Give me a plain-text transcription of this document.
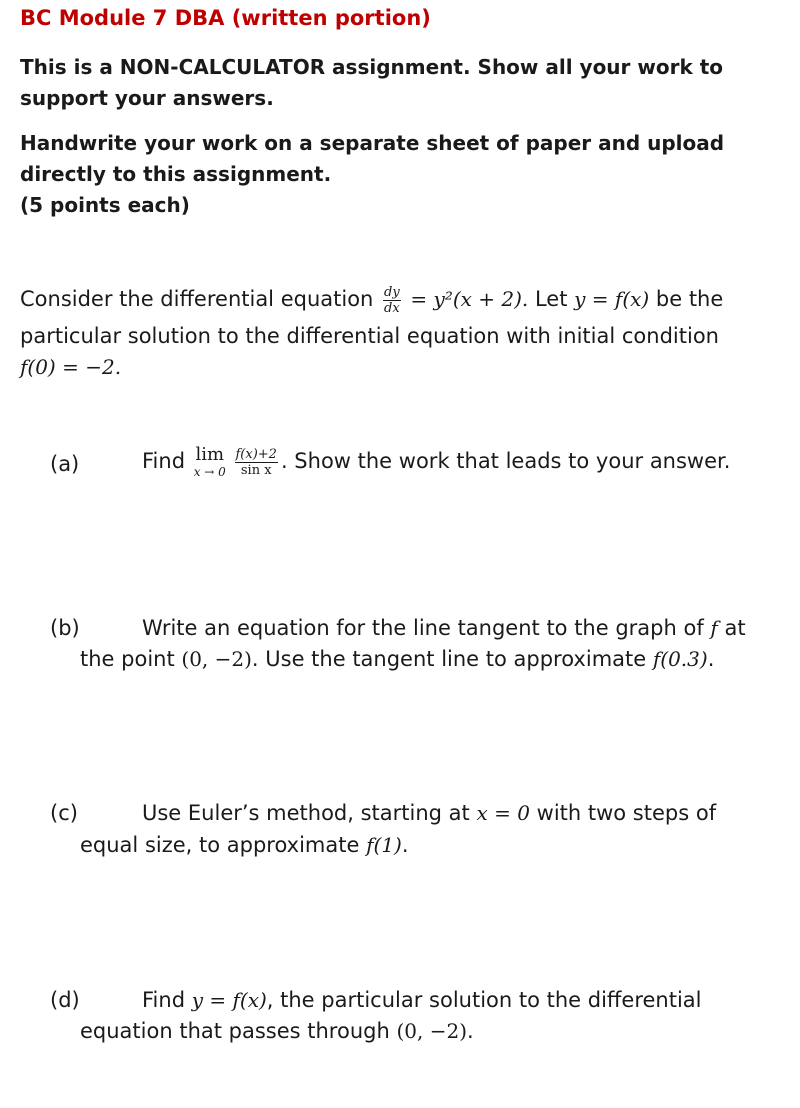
BC Module 7 DBA (written portion)
This is a NON-CALCULATOR assignment. Show all your work to support your answers.
Handwrite your work on a separate sheet of paper and upload directly to this assignment.
(5 points each)
Consider the differential equation $\frac{dy}{dx} = y^2(x + 2)$. Let y = f(x) be the
particular solution to the differential equation with initial condition
f(0) = −2.
(a)	Find lim
x → 0
$\frac{f(x)+2}{\text{sin x}}$ . Show the work that leads to your answer.
(b)	Write an equation for the line tangent to the graph of f at
the point (0, −2). Use the tangent line to approximate f(0.3).
(c)	Use Euler’s method, starting at x = 0 with two steps of
equal size, to approximate f(1).
(d)	Find y = f(x), the particular solution to the differential
equation that passes through (0, −2).
